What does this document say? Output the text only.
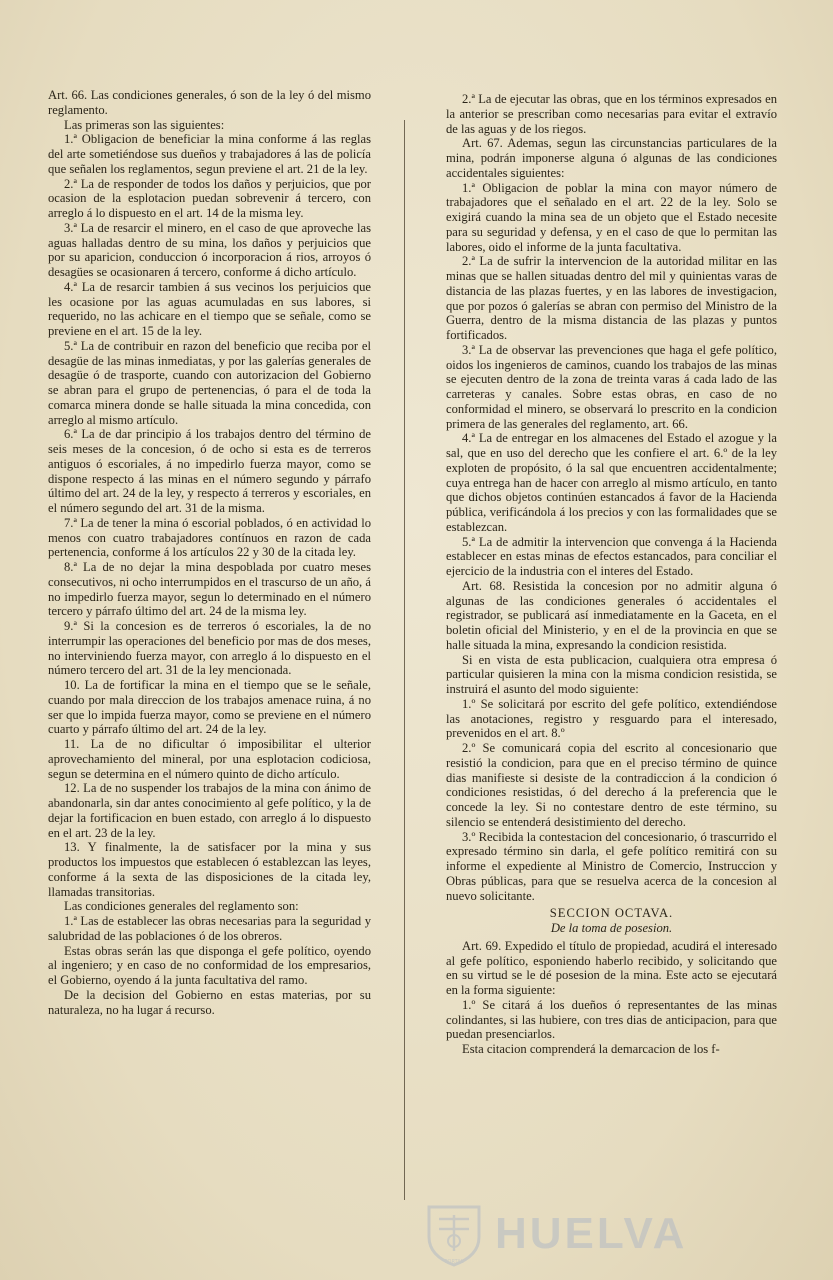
Art. 66. Las condiciones generales, ó son de la ley ó del mismo reglamento.

Las primeras son las siguientes:

1.ª Obligacion de beneficiar la mina conforme á las reglas del arte sometiéndose sus dueños y trabajadores á las de policía que señalen los reglamentos, segun previene el art. 21 de la ley.

2.ª La de responder de todos los daños y perjuicios, que por ocasion de la esplotacion puedan sobrevenir á tercero, con arreglo á lo dispuesto en el art. 14 de la misma ley.

3.ª La de resarcir el minero, en el caso de que aproveche las aguas halladas dentro de su mina, los daños y perjuicios que por su aparicion, conduccion ó incorporacion á rios, arroyos ó desagües se ocasionaren á tercero, conforme á dicho artículo.

4.ª La de resarcir tambien á sus vecinos los perjuicios que les ocasione por las aguas acumuladas en sus labores, si requerido, no las achicare en el tiempo que se señale, como se previene en el art. 15 de la ley.

5.ª La de contribuir en razon del beneficio que reciba por el desagüe de las minas inmediatas, y por las galerías generales de desagüe ó de trasporte, cuando con autorizacion del Gobierno se abran para el grupo de pertenencias, ó para el de toda la comarca minera donde se halle situada la mina concedida, con arreglo al mismo artículo.

6.ª La de dar principio á los trabajos dentro del término de seis meses de la concesion, ó de ocho si esta es de terreros antiguos ó escoriales, á no impedirlo fuerza mayor, como se dispone respecto á las minas en el número segundo y párrafo último del art. 24 de la ley, y respecto á terreros y escoriales, en el número segundo del art. 31 de la misma.

7.ª La de tener la mina ó escorial poblados, ó en actividad lo menos con cuatro trabajadores contínuos en razon de cada pertenencia, conforme á los artículos 22 y 30 de la citada ley.

8.ª La de no dejar la mina despoblada por cuatro meses consecutivos, ni ocho interrumpidos en el trascurso de un año, á no impedirlo fuerza mayor, segun lo determinado en el número tercero y párrafo último del art. 24 de la misma ley.

9.ª Si la concesion es de terreros ó escoriales, la de no interrumpir las operaciones del beneficio por mas de dos meses, no interviniendo fuerza mayor, con arreglo á lo dispuesto en el número tercero del art. 31 de la ley mencionada.

10. La de fortificar la mina en el tiempo que se le señale, cuando por mala direccion de los trabajos amenace ruina, á no ser que lo impida fuerza mayor, como se previene en el número cuarto y párrafo último del art. 24 de la ley.

11. La de no dificultar ó imposibilitar el ulterior aprovechamiento del mineral, por una esplotacion codiciosa, segun se determina en el número quinto de dicho artículo.

12. La de no suspender los trabajos de la mina con ánimo de abandonarla, sin dar antes conocimiento al gefe político, y la de dejar la fortificacion en buen estado, con arreglo á lo dispuesto en el art. 23 de la ley.

13. Y finalmente, la de satisfacer por la mina y sus productos los impuestos que establecen ó establezcan las leyes, conforme á la sexta de las disposiciones de la citada ley, llamadas transitorias.

Las condiciones generales del reglamento son:

1.ª Las de establecer las obras necesarias para la seguridad y salubridad de las poblaciones ó de los obreros.

Estas obras serán las que disponga el gefe político, oyendo al ingeniero; y en caso de no conformidad de los empresarios, el Gobierno, oyendo á la junta facultativa del ramo.

De la decision del Gobierno en estas materias, por su naturaleza, no ha lugar á recurso.

2.ª La de ejecutar las obras, que en los términos expresados en la anterior se prescriban como necesarias para evitar el extravío de las aguas y de los riegos.

Art. 67. Ademas, segun las circunstancias particulares de la mina, podrán imponerse alguna ó algunas de las condiciones accidentales siguientes:

1.ª Obligacion de poblar la mina con mayor número de trabajadores que el señalado en el art. 22 de la ley. Solo se exigirá cuando la mina sea de un objeto que el Estado necesite para su seguridad y defensa, y en el caso de que lo permitan las labores, oido el informe de la junta facultativa.

2.ª La de sufrir la intervencion de la autoridad militar en las minas que se hallen situadas dentro del mil y quinientas varas de distancia de las plazas fuertes, y en las labores de investigacion, que por pozos ó galerías se abran con permiso del Ministro de la Guerra, dentro de la misma distancia de las plazas y puntos fortificados.

3.ª La de observar las prevenciones que haga el gefe político, oidos los ingenieros de caminos, cuando los trabajos de las minas se ejecuten dentro de la zona de treinta varas á cada lado de las carreteras y canales. Sobre estas obras, en caso de no conformidad el minero, se observará lo prescrito en la condicion primera de las generales del reglamento, art. 66.

4.ª La de entregar en los almacenes del Estado el azogue y la sal, que en uso del derecho que les confiere el art. 6.º de la ley exploten de propósito, ó la sal que encuentren accidentalmente; cuya entrega han de hacer con arreglo al mismo artículo, en tanto que dichos objetos continúen estancados á favor de la Hacienda pública, verificándola á los precios y con las formalidades que se establezcan.

5.ª La de admitir la intervencion que convenga á la Hacienda establecer en estas minas de efectos estancados, para conciliar el ejercicio de la industria con el interes del Estado.

Art. 68. Resistida la concesion por no admitir alguna ó algunas de las condiciones generales ó accidentales el registrador, se publicará así inmediatamente en la Gaceta, en el boletin oficial del Ministerio, y en el de la provincia en que se halle situada la mina, expresando la condicion resistida.

Si en vista de esta publicacion, cualquiera otra empresa ó particular quisieren la mina con la misma condicion resistida, se instruirá el asunto del modo siguiente:

1.º Se solicitará por escrito del gefe político, extendiéndose las anotaciones, registro y resguardo para el interesado, prevenidos en el art. 8.º

2.º Se comunicará copia del escrito al concesionario que resistió la condicion, para que en el preciso término de quince dias manifieste si desiste de la contradiccion á la condicion ó condiciones resistidas, ó del derecho á la preferencia que le concede la ley. Si no contestare dentro de este término, su silencio se entenderá desistimiento del derecho.

3.º Recibida la contestacion del concesionario, ó trascurrido el expresado término sin darla, el gefe político remitirá con su informe el expediente al Ministro de Comercio, Instruccion y Obras públicas, para que se resuelva acerca de la concesion al nuevo solicitante.

SECCION OCTAVA.

De la toma de posesion.

Art. 69. Expedido el título de propiedad, acudirá el interesado al gefe político, esponiendo haberlo recibido, y solicitando que en su virtud se le dé posesion de la mina. Este acto se ejecutará en la forma siguiente:

1.º Se citará á los dueños ó representantes de las minas colindantes, si las hubiere, con tres dias de anticipacion, para que puedan presenciarlos.

Esta citacion comprenderá la demarcacion de los f-

PORTAL
HUELVA
